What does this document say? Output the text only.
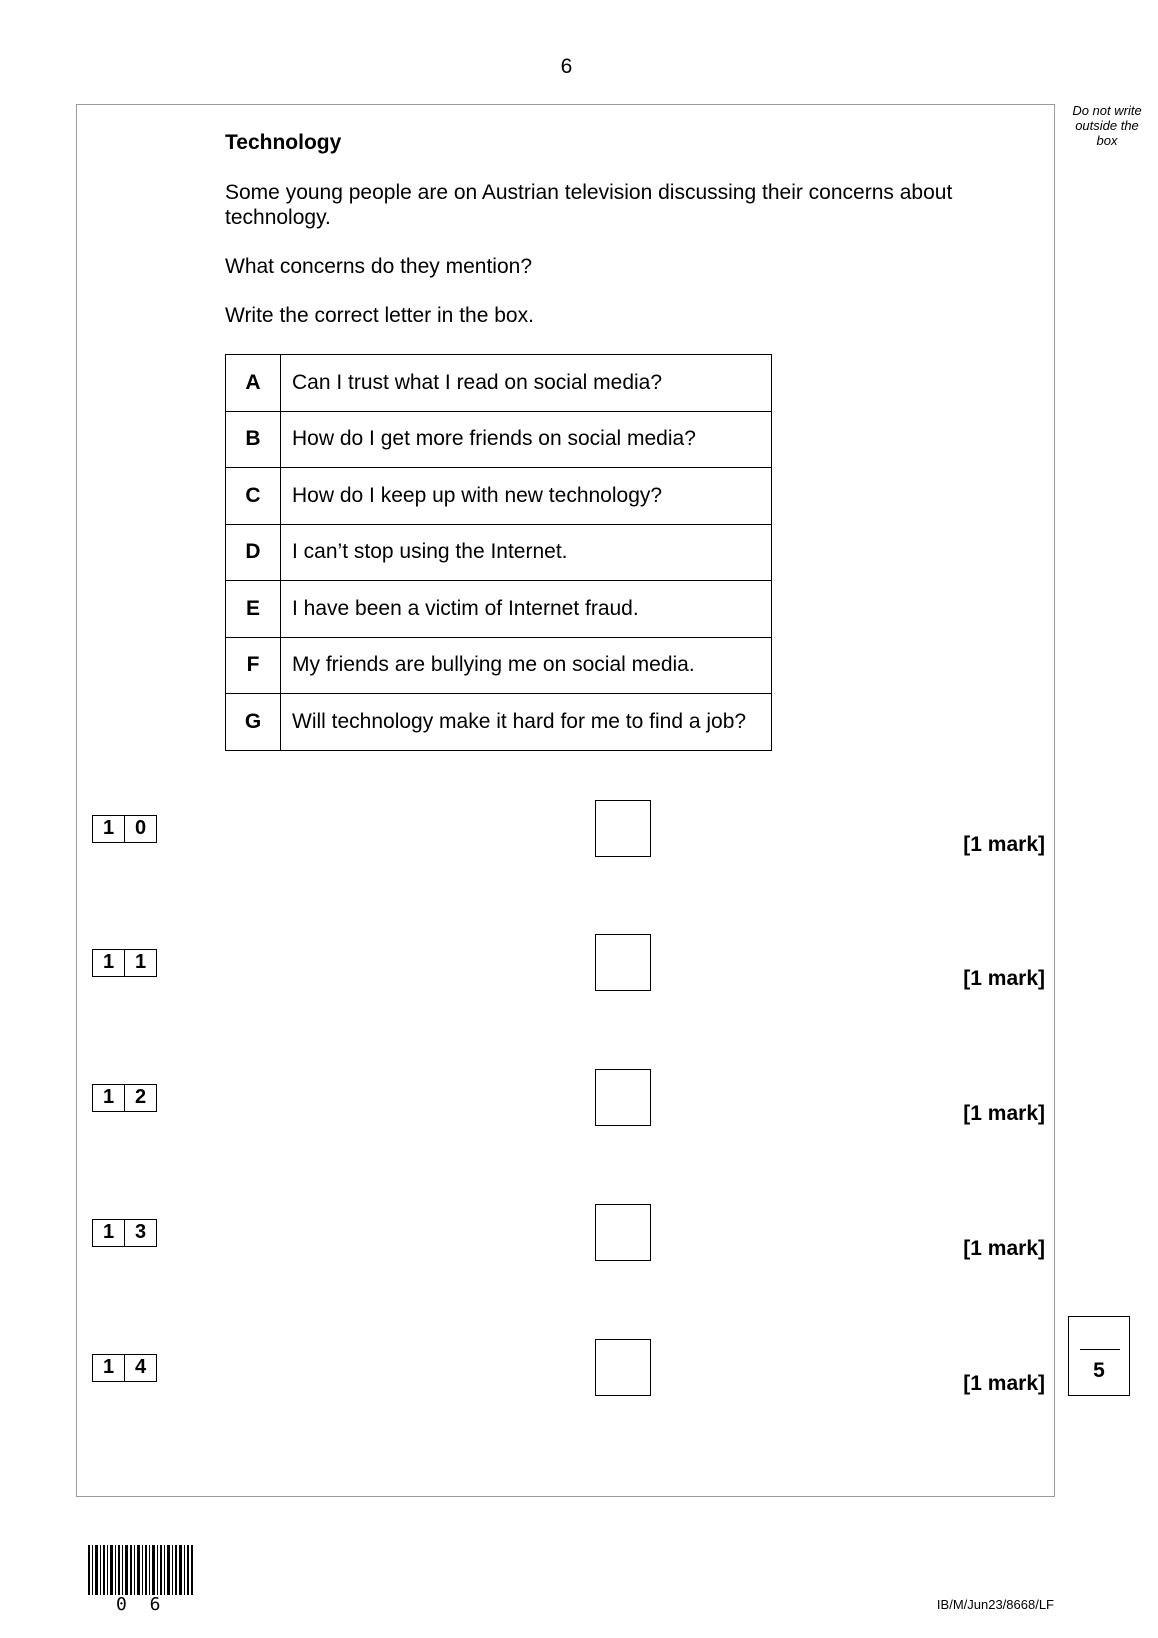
6
Do not write
outside the
box
Technology
Some young people are on Austrian television discussing their concerns about technology.
What concerns do they mention?
Write the correct letter in the box.
A	Can I trust what I read on social media?
B	How do I get more friends on social media?
C	How do I keep up with new technology?
D	I can’t stop using the Internet.
E	I have been a victim of Internet fraud.
F	My friends are bullying me on social media.
G	Will technology make it hard for me to find a job?
1	0
[1 mark]
1	1
[1 mark]
1	2
[1 mark]
1	3
[1 mark]
1	4
[1 mark]
5
0 6	IB/M/Jun23/8668/LF
